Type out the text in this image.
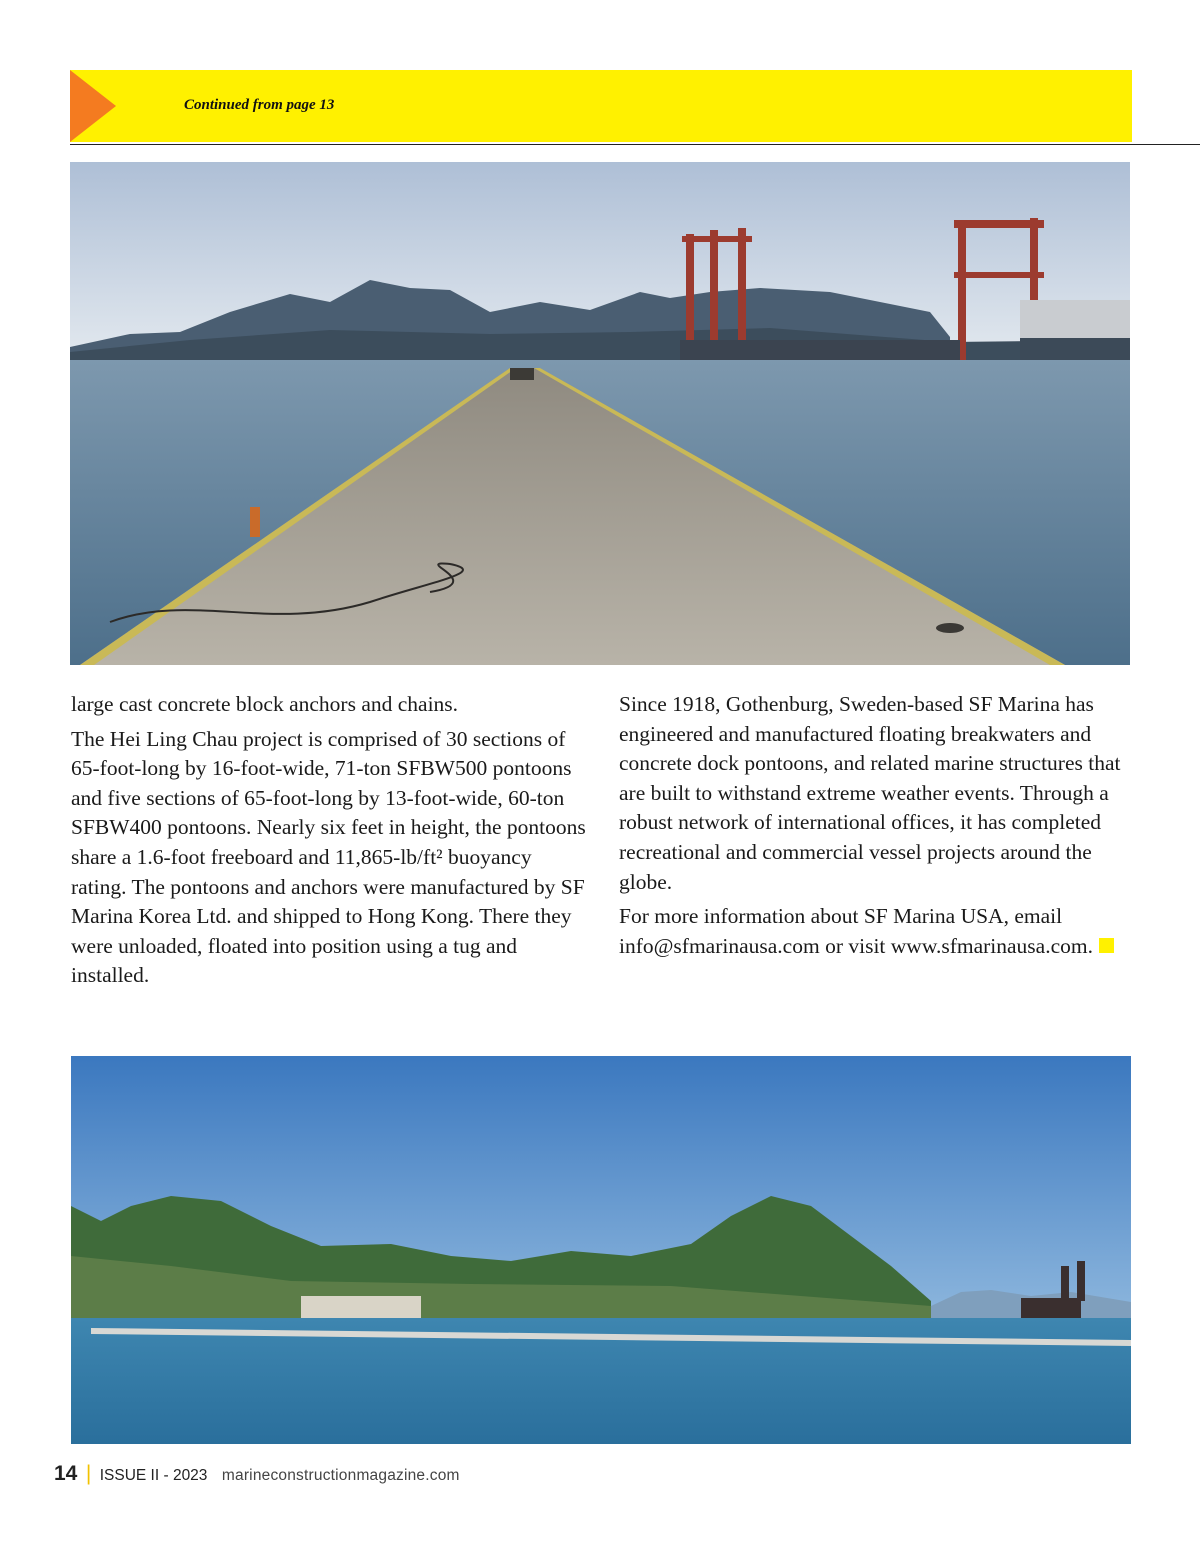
Continued from page 13

large cast concrete block anchors and chains.

The Hei Ling Chau project is comprised of 30 sections of 65-foot-long by 16-foot-wide, 71-ton SFBW500 pontoons and five sections of 65-foot-long by 13-foot-wide, 60-ton SFBW400 pontoons. Nearly six feet in height, the pontoons share a 1.6-foot freeboard and 11,865-lb/ft² buoyancy rating. The pontoons and anchors were manufactured by SF Marina Korea Ltd. and shipped to Hong Kong. There they were unloaded, floated into position using a tug and installed.

Since 1918, Gothenburg, Sweden-based SF Marina has engineered and manufactured floating breakwaters and concrete dock pontoons, and related marine structures that are built to withstand extreme weather events. Through a robust network of international offices, it has completed recreational and commercial vessel projects around the globe.

For more information about SF Marina USA, email info@sfmarinausa.com or visit www.sfmarinausa.com.

14 | ISSUE II - 2023 marineconstructionmagazine.com
